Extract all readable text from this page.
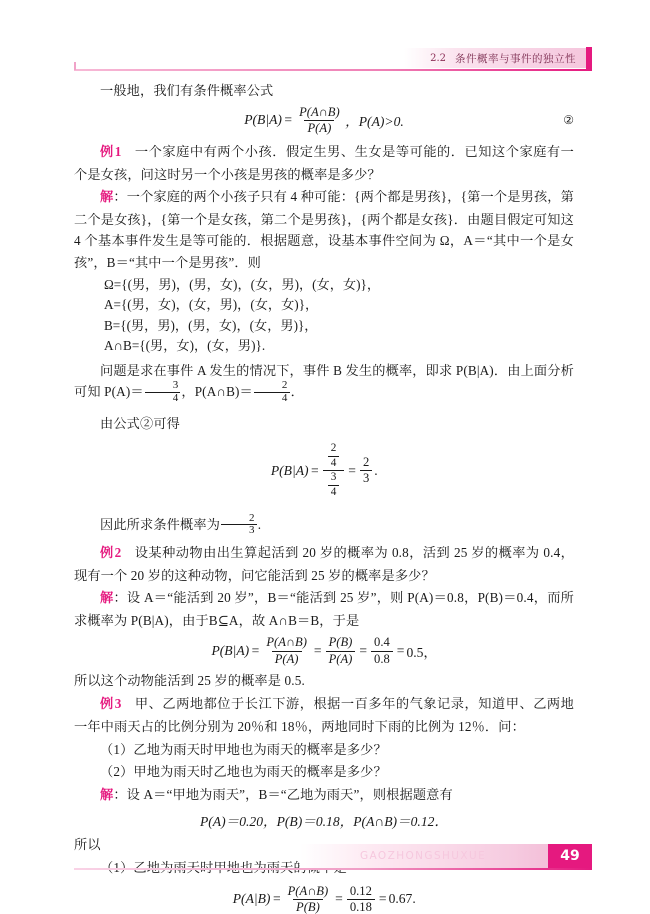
2.2 条件概率与事件的独立性

一般地，我们有条件概率公式

$P(B|A) = \frac{P(A\cap B)}{P(A)}$ ，P(A)>0.	②

例1 一个家庭中有两个小孩．假定生男、生女是等可能的．已知这个家庭有一个是女孩，问这时另一个小孩是男孩的概率是多少？

解：一个家庭的两个小孩子只有 4 种可能：{两个都是男孩}，{第一个是男孩，第二个是女孩}，{第一个是女孩，第二个是男孩}，{两个都是女孩}．由题目假定可知这 4 个基本事件发生是等可能的．根据题意，设基本事件空间为 Ω，A＝“其中一个是女孩”，B＝“其中一个是男孩”．则

Ω={(男，男)，(男，女)，(女，男)，(女，女)}，
A={(男，女)，(女，男)，(女，女)}，
B={(男，男)，(男，女)，(女，男)}，
A∩B={(男，女)，(女，男)}.

问题是求在事件 A 发生的情况下，事件 B 发生的概率，即求 P(B|A)．由上面分析可知 $P(A)= \frac{3}{4}$ ，P(A∩B)＝ $\frac{2}{4}$ ．

由公式②可得

$P(B|A) = \frac{\frac{2}{4}}{\frac{3}{4}} = \frac{2}{3}$ .

因此所求条件概率为 $\frac{2}{3}$ .

例2 设某种动物由出生算起活到 20 岁的概率为 0.8，活到 25 岁的概率为 0.4，现有一个 20 岁的这种动物，问它能活到 25 岁的概率是多少？

解：设 A＝“能活到 20 岁”，B＝“能活到 25 岁”，则 P(A)＝0.8，P(B)＝0.4，而所求概率为 P(B|A)，由于B⊆A，故 A∩B＝B，于是

$P(B|A) = \frac{P(A\cap B)}{P(A)} = \frac{P(B)}{P(A)} = \frac{0.4}{0.8} = 0.5$，

所以这个动物能活到 25 岁的概率是 0.5.

例3 甲、乙两地都位于长江下游，根据一百多年的气象记录，知道甲、乙两地一年中雨天占的比例分别为 20％和 18％，两地同时下雨的比例为 12％．问：

（1）乙地为雨天时甲地也为雨天的概率是多少？

（2）甲地为雨天时乙地也为雨天的概率是多少？

解：设 A＝“甲地为雨天”，B＝“乙地为雨天”，则根据题意有

P(A)＝0.20，P(B)＝0.18，P(A∩B)＝0.12．

所以

$P(A|B) = \frac{P(A\cap B)}{P(B)} = \frac{0.12}{0.18} = 0.67$.
GAOZHONGSHUXUE	49
